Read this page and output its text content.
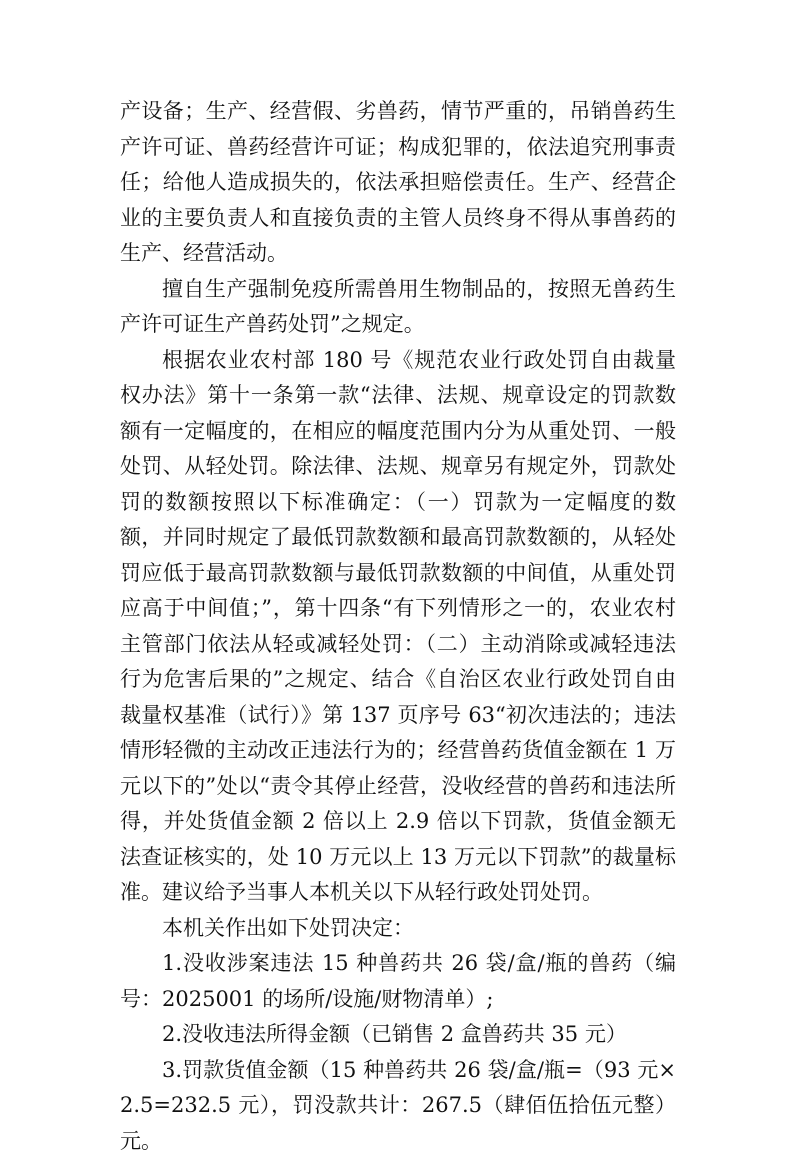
产设备；生产、经营假、劣兽药，情节严重的，吊销兽药生产许可证、兽药经营许可证；构成犯罪的，依法追究刑事责任；给他人造成损失的，依法承担赔偿责任。生产、经营企业的主要负责人和直接负责的主管人员终身不得从事兽药的生产、经营活动。

擅自生产强制免疫所需兽用生物制品的，按照无兽药生产许可证生产兽药处罚”之规定。

根据农业农村部 180 号《规范农业行政处罚自由裁量权办法》第十一条第一款“法律、法规、规章设定的罚款数额有一定幅度的，在相应的幅度范围内分为从重处罚、一般处罚、从轻处罚。除法律、法规、规章另有规定外，罚款处罚的数额按照以下标准确定：（一）罚款为一定幅度的数额，并同时规定了最低罚款数额和最高罚款数额的，从轻处罚应低于最高罚款数额与最低罚款数额的中间值，从重处罚应高于中间值；”，第十四条“有下列情形之一的，农业农村主管部门依法从轻或减轻处罚：（二）主动消除或减轻违法行为危害后果的”之规定、结合《自治区农业行政处罚自由裁量权基准（试行）》第 137 页序号 63“初次违法的；违法情形轻微的主动改正违法行为的；经营兽药货值金额在 1 万元以下的”处以“责令其停止经营，没收经营的兽药和违法所得，并处货值金额 2 倍以上 2.9 倍以下罚款，货值金额无法查证核实的，处 10 万元以上 13 万元以下罚款”的裁量标准。建议给予当事人本机关以下从轻行政处罚处罚。

本机关作出如下处罚决定：

1.没收涉案违法 15 种兽药共 26 袋/盒/瓶的兽药（编号：2025001 的场所/设施/财物清单）;

2.没收违法所得金额（已销售 2 盒兽药共 35 元）

3.罚款货值金额（15 种兽药共 26 袋/盒/瓶=（93 元×2.5=232.5 元），罚没款共计：267.5（肆佰伍拾伍元整）元。
